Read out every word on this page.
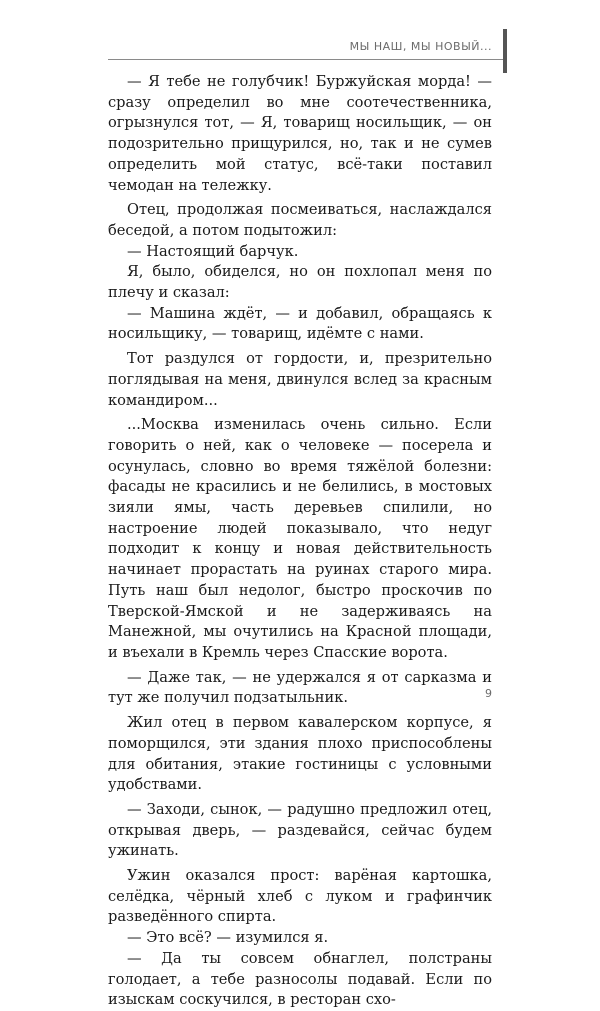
МЫ НАШ, МЫ НОВЫЙ...

— Я тебе не голубчик! Буржуйская морда! — сразу определил во мне соотечественника, огрызнулся тот, — Я, товарищ носильщик, — он подозрительно прищурился, но, так и не сумев определить мой статус, всё-таки поставил чемодан на тележку.

Отец, продолжая посмеиваться, наслаждался беседой, а потом подытожил:

— Настоящий барчук.

Я, было, обиделся, но он похлопал меня по плечу и сказал:

— Машина ждёт, — и добавил, обращаясь к носильщику, — товарищ, идёмте с нами.

Тот раздулся от гордости, и, презрительно поглядывая на меня, двинулся вслед за красным командиром...

...Москва изменилась очень сильно. Если говорить о ней, как о человеке — посерела и осунулась, словно во время тяжёлой болезни: фасады не красились и не белились, в мостовых зияли ямы, часть деревьев спилили, но настроение людей показывало, что недуг подходит к концу и новая действительность начинает прорастать на руинах старого мира. Путь наш был недолог, быстро проскочив по Тверской-Ямской и не задерживаясь на Манежной, мы очутились на Красной площади, и въехали в Кремль через Спасские ворота.

— Даже так, — не удержался я от сарказма и тут же получил подзатыльник.

Жил отец в первом кавалерском корпусе, я поморщился, эти здания плохо приспособлены для обитания, этакие гостиницы с условными удобствами.

— Заходи, сынок, — радушно предложил отец, открывая дверь, — раздевайся, сейчас будем ужинать.

Ужин оказался прост: варёная картошка, селёдка, чёрный хлеб с луком и графинчик разведённого спирта.

— Это всё? — изумился я.

— Да ты совсем обнаглел, полстраны голодает, а тебе разносолы подавай. Если по изыскам соскучился, в ресторан схо-

9
